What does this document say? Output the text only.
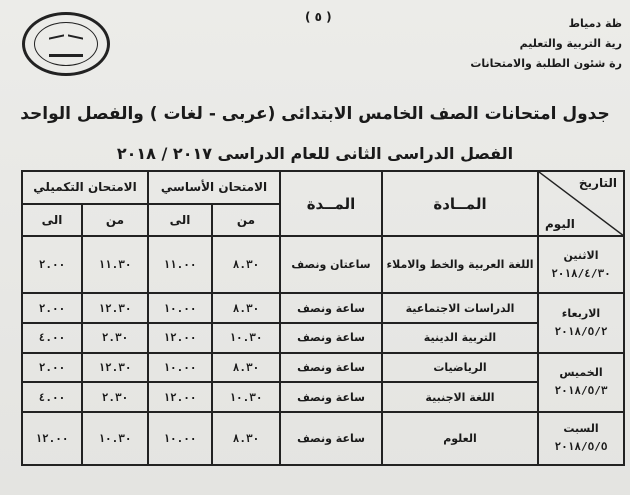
( ٥ )	ظة دمياط
رية التربية والتعليم
رة شئون الطلبة والامتحانات
جدول امتحانات الصف الخامس الابتدائى (عربى - لغات ) والفصل الواحد
الفصل الدراسى الثانى للعام الدراسى ٢٠١٧ / ٢٠١٨
التاريخ
اليوم	المــادة	المــدة	الامتحان الأساسي		الامتحان التكميلي	
			من	الى	من	الى

الاثنين
٢٠١٨/٤/٣٠	اللغة العربية والخط والاملاء	ساعتان ونصف	٨.٣٠	١١.٠٠	١١.٣٠	٢.٠٠

الاربعاء
٢٠١٨/٥/٢	الدراسات الاجتماعية	ساعة ونصف	٨.٣٠	١٠.٠٠	١٢.٣٠	٢.٠٠
	التربية الدينية	ساعة ونصف	١٠.٣٠	١٢.٠٠	٢.٣٠	٤.٠٠

الخميس
٢٠١٨/٥/٣	الرياضيات	ساعة ونصف	٨.٣٠	١٠.٠٠	١٢.٣٠	٢.٠٠
	اللغة الاجنبية	ساعة ونصف	١٠.٣٠	١٢.٠٠	٢.٣٠	٤.٠٠

السبت
٢٠١٨/٥/٥	العلوم	ساعة ونصف	٨.٣٠	١٠.٠٠	١٠.٣٠	١٢.٠٠
